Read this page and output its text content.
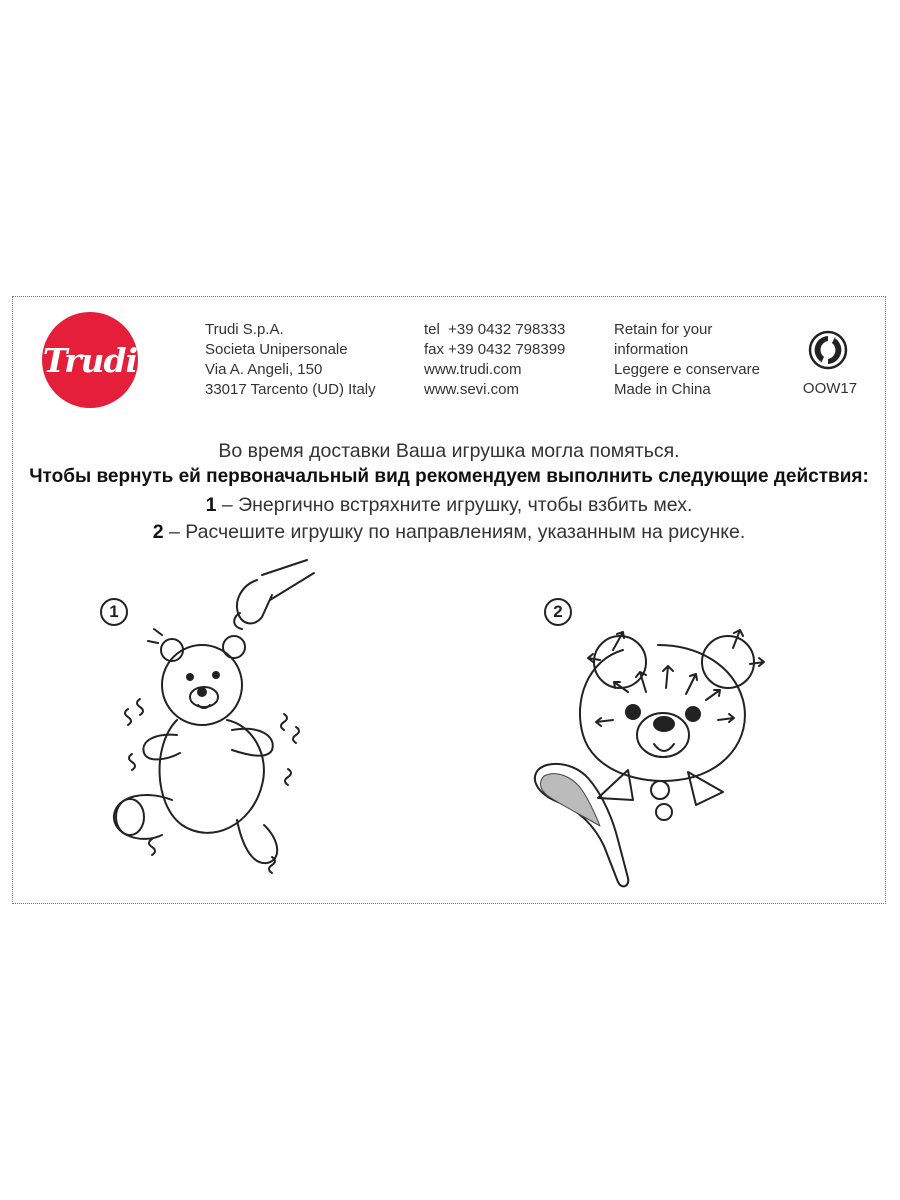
Trudi
Trudi S.p.A.
Societa Unipersonale
Via A. Angeli, 150
33017 Tarcento (UD) Italy
tel  +39 0432 798333
fax +39 0432 798399
www.trudi.com
www.sevi.com
Retain for your
information
Leggere e conservare
Made in China	OOW17
Во время доставки Ваша игрушка могла помяться.
Чтобы вернуть ей первоначальный вид рекомендуем выполнить следующие действия:
1 – Энергично встряхните игрушку, чтобы взбить мех.
2 – Расчешите игрушку по направлениям, указанным на рисунке.
1	2
